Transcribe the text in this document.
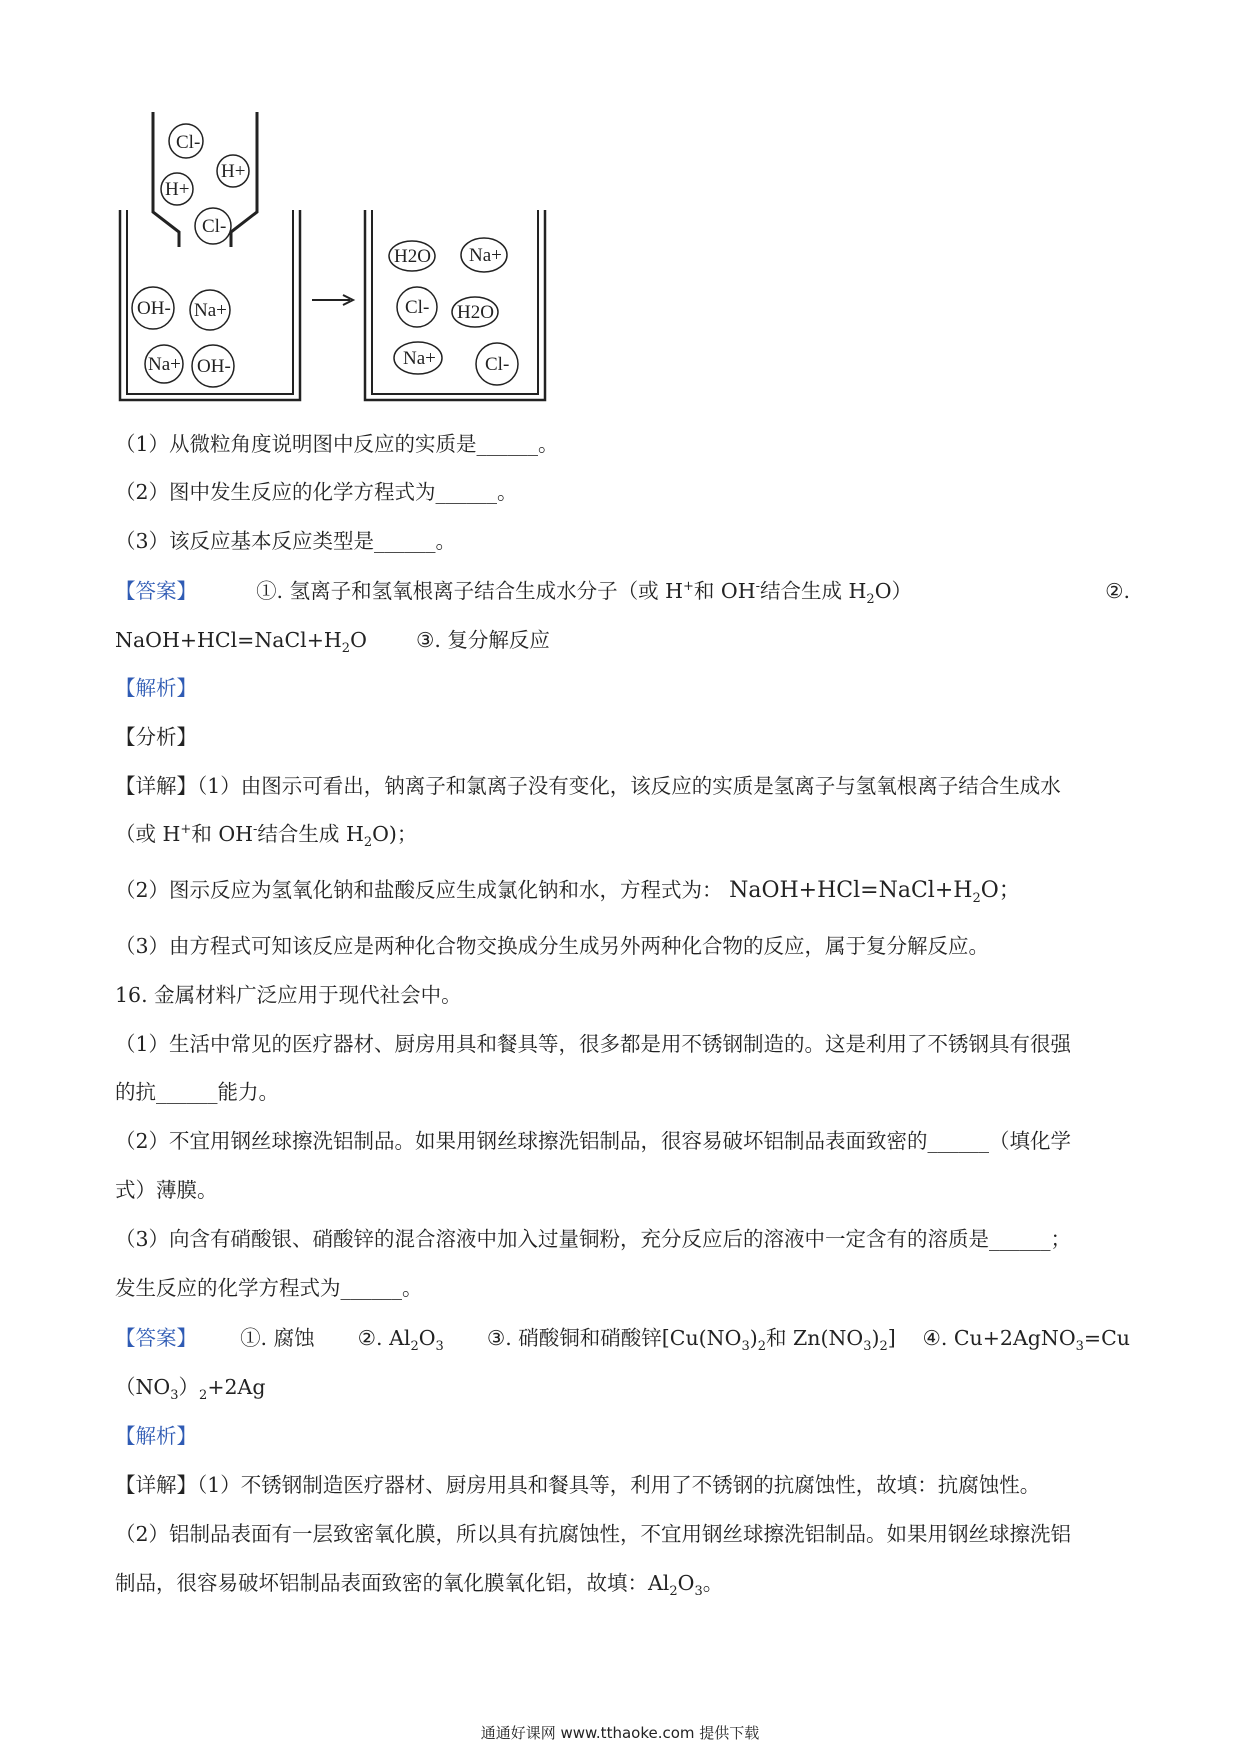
Cl-
H+
H+
Cl-
OH- Na+
Na+ OH-
H2O Na+
Cl- H2O
Na+	Cl-
（1）从微粒角度说明图中反应的实质是______。
（2）图中发生反应的化学方程式为______。
（3）该反应基本反应类型是______。
【答案】	①. 氢离子和氢氧根离子结合生成水分子（或 H+和 OH-结合生成 $H_2O$）	②.
$NaOH+HCl=NaCl+H_2O$ ③. 复分解反应
【解析】
【分析】
【详解】（1）由图示可看出，钠离子和氯离子没有变化，该反应的实质是氢离子与氢氧根离子结合生成水
（或 H+和 OH-结合生成 $H_2O$)；
（2）图示反应为氢氧化钠和盐酸反应生成氯化钠和水，方程式为： $NaOH+HCl=NaCl+H_2O$；
（3）由方程式可知该反应是两种化合物交换成分生成另外两种化合物的反应，属于复分解反应。
16. 金属材料广泛应用于现代社会中。
（1）生活中常见的医疗器材、厨房用具和餐具等，很多都是用不锈钢制造的。这是利用了不锈钢具有很强
的抗______能力。
（2）不宜用钢丝球擦洗铝制品。如果用钢丝球擦洗铝制品，很容易破坏铝制品表面致密的______（填化学
式）薄膜。
（3）向含有硝酸银、硝酸锌的混合溶液中加入过量铜粉，充分反应后的溶液中一定含有的溶质是______；
发生反应的化学方程式为______。
【答案】 ①. 腐蚀 ②. $Al_2O_3$ ③. 硝酸铜和硝酸锌[$Cu(NO_3)_2$和 $Zn(NO_3)_2$] ④. Cu+2AgNO$_3$=Cu
$(NO_3)_2+2Ag$
【解析】
【详解】（1）不锈钢制造医疗器材、厨房用具和餐具等，利用了不锈钢的抗腐蚀性，故填：抗腐蚀性。
（2）铝制品表面有一层致密氧化膜，所以具有抗腐蚀性，不宜用钢丝球擦洗铝制品。如果用钢丝球擦洗铝
制品，很容易破坏铝制品表面致密的氧化膜氧化铝，故填：$Al_2O_3$。
通通好课网 www.tthaoke.com 提供下载
